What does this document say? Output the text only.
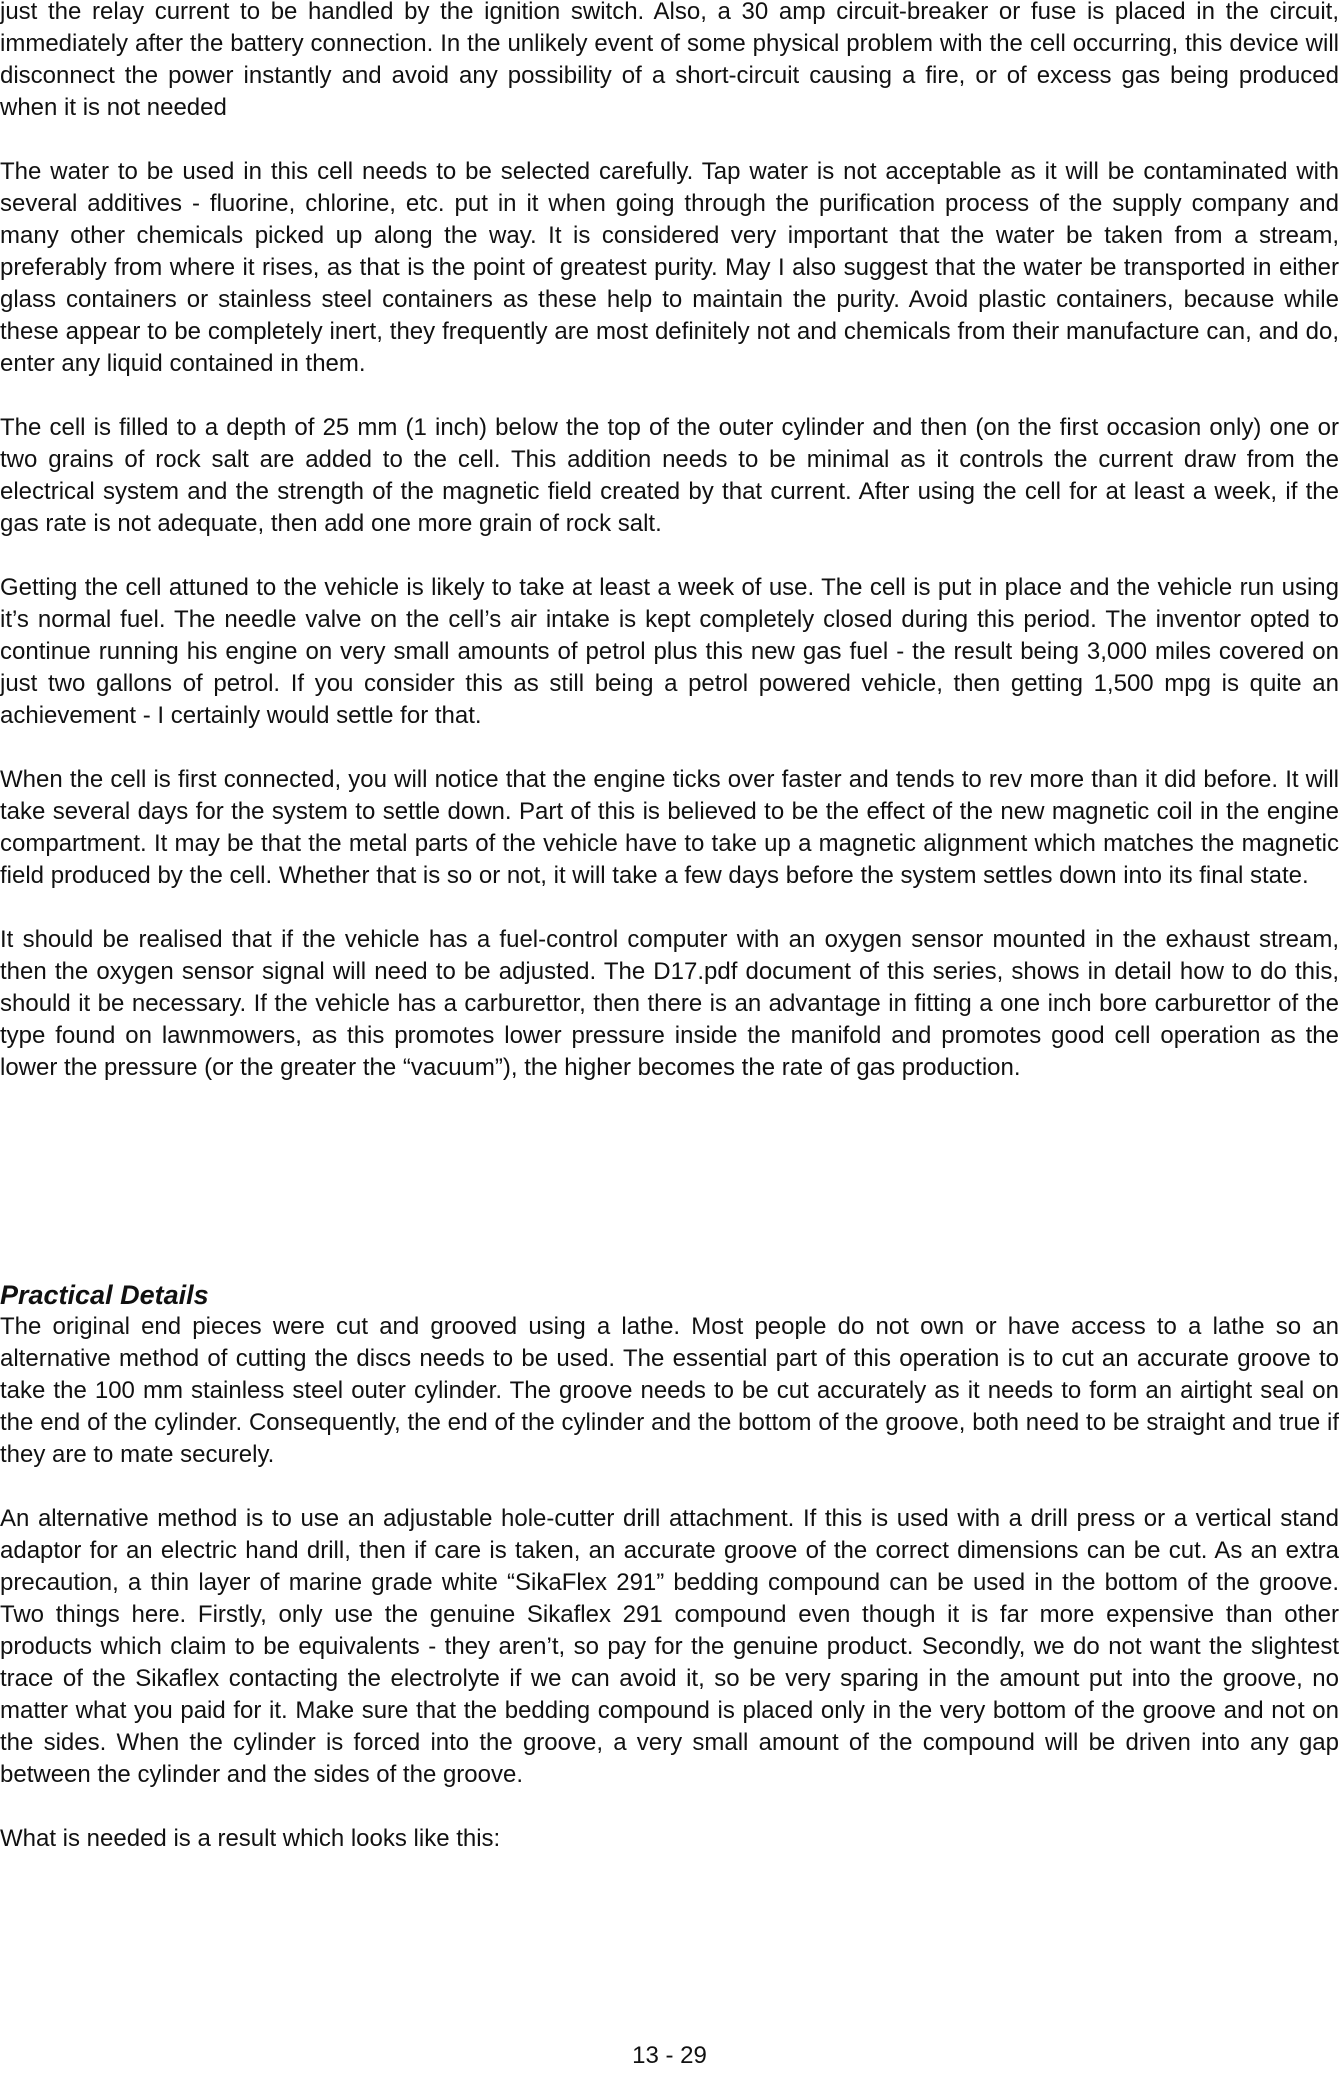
just the relay current to be handled by the ignition switch. Also, a 30 amp circuit-breaker or fuse is placed in the circuit, immediately after the battery connection. In the unlikely event of some physical problem with the cell occurring, this device will disconnect the power instantly and avoid any possibility of a short-circuit causing a fire, or of excess gas being produced when it is not needed

The water to be used in this cell needs to be selected carefully. Tap water is not acceptable as it will be contaminated with several additives - fluorine, chlorine, etc. put in it when going through the purification process of the supply company and many other chemicals picked up along the way. It is considered very important that the water be taken from a stream, preferably from where it rises, as that is the point of greatest purity. May I also suggest that the water be transported in either glass containers or stainless steel containers as these help to maintain the purity. Avoid plastic containers, because while these appear to be completely inert, they frequently are most definitely not and chemicals from their manufacture can, and do, enter any liquid contained in them.

The cell is filled to a depth of 25 mm (1 inch) below the top of the outer cylinder and then (on the first occasion only) one or two grains of rock salt are added to the cell. This addition needs to be minimal as it controls the current draw from the electrical system and the strength of the magnetic field created by that current. After using the cell for at least a week, if the gas rate is not adequate, then add one more grain of rock salt.

Getting the cell attuned to the vehicle is likely to take at least a week of use. The cell is put in place and the vehicle run using it’s normal fuel. The needle valve on the cell’s air intake is kept completely closed during this period. The inventor opted to continue running his engine on very small amounts of petrol plus this new gas fuel - the result being 3,000 miles covered on just two gallons of petrol. If you consider this as still being a petrol powered vehicle, then getting 1,500 mpg is quite an achievement - I certainly would settle for that.

When the cell is first connected, you will notice that the engine ticks over faster and tends to rev more than it did before. It will take several days for the system to settle down. Part of this is believed to be the effect of the new magnetic coil in the engine compartment. It may be that the metal parts of the vehicle have to take up a magnetic alignment which matches the magnetic field produced by the cell. Whether that is so or not, it will take a few days before the system settles down into its final state.

It should be realised that if the vehicle has a fuel-control computer with an oxygen sensor mounted in the exhaust stream, then the oxygen sensor signal will need to be adjusted. The D17.pdf document of this series, shows in detail how to do this, should it be necessary. If the vehicle has a carburettor, then there is an advantage in fitting a one inch bore carburettor of the type found on lawnmowers, as this promotes lower pressure inside the manifold and promotes good cell operation as the lower the pressure (or the greater the “vacuum”), the higher becomes the rate of gas production.

Practical Details

The original end pieces were cut and grooved using a lathe. Most people do not own or have access to a lathe so an alternative method of cutting the discs needs to be used. The essential part of this operation is to cut an accurate groove to take the 100 mm stainless steel outer cylinder. The groove needs to be cut accurately as it needs to form an airtight seal on the end of the cylinder. Consequently, the end of the cylinder and the bottom of the groove, both need to be straight and true if they are to mate securely.

An alternative method is to use an adjustable hole-cutter drill attachment. If this is used with a drill press or a vertical stand adaptor for an electric hand drill, then if care is taken, an accurate groove of the correct dimensions can be cut. As an extra precaution, a thin layer of marine grade white “SikaFlex 291” bedding compound can be used in the bottom of the groove. Two things here. Firstly, only use the genuine Sikaflex 291 compound even though it is far more expensive than other products which claim to be equivalents - they aren’t, so pay for the genuine product. Secondly, we do not want the slightest trace of the Sikaflex contacting the electrolyte if we can avoid it, so be very sparing in the amount put into the groove, no matter what you paid for it. Make sure that the bedding compound is placed only in the very bottom of the groove and not on the sides. When the cylinder is forced into the groove, a very small amount of the compound will be driven into any gap between the cylinder and the sides of the groove.

What is needed is a result which looks like this:

13 - 29
